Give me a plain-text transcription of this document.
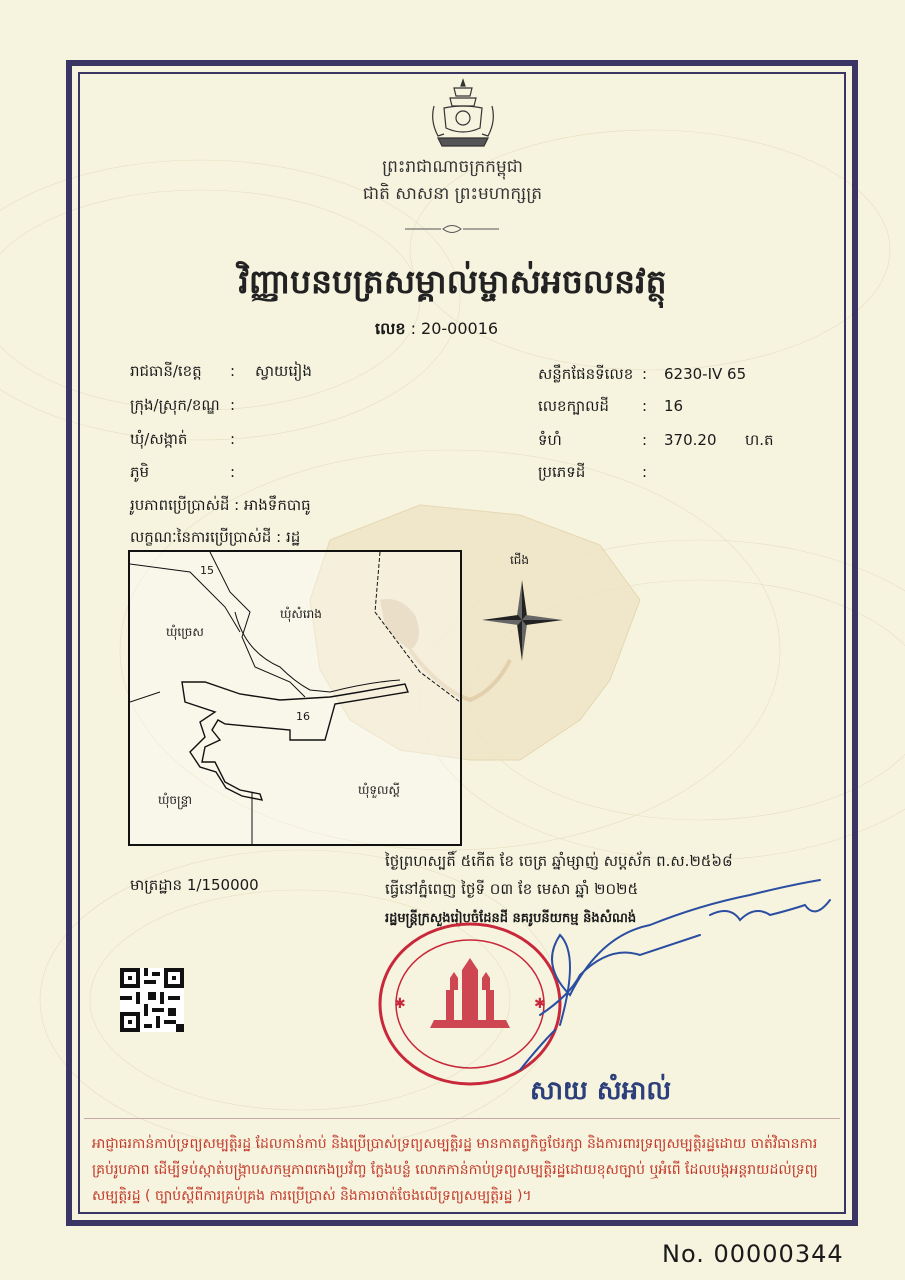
ព្រះរាជាណាចក្រកម្ពុជា
ជាតិ សាសនា ព្រះមហាក្សត្រ
វិញ្ញាបនបត្រសម្គាល់ម្ចាស់អចលនវត្ថុ
លេខ : 20-00016
រាជធានី/ខេត្ត : ស្វាយរៀង
ក្រុង/ស្រុក/ខណ្ឌ :
ឃុំ/សង្កាត់	:
ភូមិ	:
សន្លឹកផែនទីលេខ : 6230-IV 65
លេខក្បាលដី : 16
ទំហំ	: 370.20 ហ.ត
ប្រភេទដី	:
រូបភាពប្រើប្រាស់ដី : អាងទឹកបាធូ
លក្ខណៈនៃការប្រើប្រាស់ដី : រដ្ឋ
15
16
ឃុំច្រេស
ឃុំសំរោង
ឃុំចន្ទ្រា
ឃុំទួលស្ដី
ជើង
មាត្រដ្ឋាន 1/150000
ថ្ងៃព្រហស្បតិ៍ ៥កើត ខែ ចេត្រ ឆ្នាំម្សាញ់ សប្តស័ក ព.ស.២៥៦៨
ធ្វើនៅភ្នំពេញ ថ្ងៃទី ០៣ ខែ មេសា ឆ្នាំ ២០២៥
រដ្ឋមន្ត្រីក្រសួងរៀបចំដែនដី នគរូបនីយកម្ម និងសំណង់
✱	✱
សាយ សំអាល់
អាជ្ញាធរកាន់កាប់ទ្រព្យសម្បត្តិរដ្ឋ ដែលកាន់កាប់ និងប្រើប្រាស់ទ្រព្យសម្បត្តិរដ្ឋ មានកាតព្វកិច្ចថែរក្សា និងការពារទ្រព្យសម្បត្តិរដ្ឋដោយ ចាត់វិធានការគ្រប់រូបភាព ដើម្បីទប់ស្កាត់បង្ក្រាបសកម្មភាពកេងប្រវ័ញ្ច ក្លែងបន្លំ លោភកាន់កាប់ទ្រព្យសម្បត្តិរដ្ឋដោយខុសច្បាប់ ឬអំពើ ដែលបង្កអន្តរាយដល់ទ្រព្យសម្បត្តិរដ្ឋ ( ច្បាប់ស្តីពីការគ្រប់គ្រង ការប្រើប្រាស់ និងការចាត់ចែងលើទ្រព្យសម្បត្តិរដ្ឋ )។
No. 00000344
